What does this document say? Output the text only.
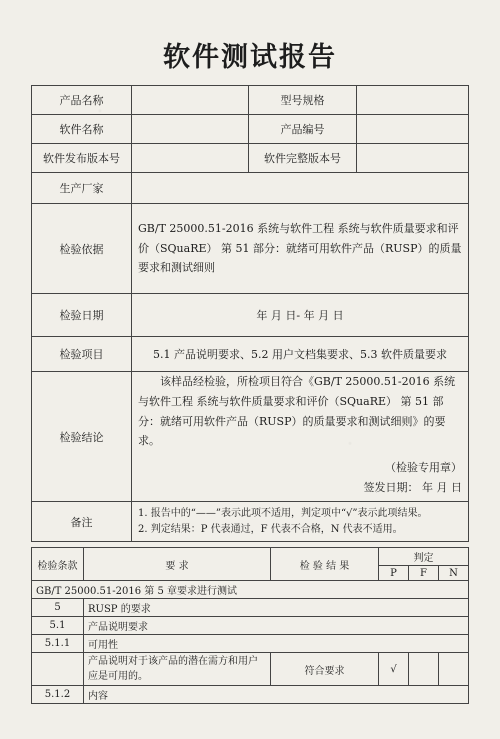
软件测试报告
产品名称		型号规格	
软件名称		产品编号	
软件发布版本号		软件完整版本号	
生产厂家			
检验依据	GB/T 25000.51-2016 系统与软件工程 系统与软件质量要求和评价（SQuaRE） 第 51 部分：就绪可用软件产品（RUSP）的质量要求和测试细则		
检验日期	年 月 日- 年 月 日		
检验项目	5.1 产品说明要求、5.2 用户文档集要求、5.3 软件质量要求		
检验结论	该样品经检验，所检项目符合《GB/T 25000.51-2016 系统与软件工程 系统与软件质量要求和评价（SQuaRE） 第 51 部分：就绪可用软件产品（RUSP）的质量要求和测试细则》的要求。
（检验专用章）
签发日期： 年 月 日		

备注	1. 报告中的“——”表示此项不适用，判定项中“√”表示此项结果。
2. 判定结果：P 代表通过，F 代表不合格，N 代表不适用。		
检验条款	要 求	检 验 结 果	判定		
			P	F	N
GB/T 25000.51-2016 第 5 章要求进行测试					
5	RUSP 的要求				
5.1	产品说明要求				
5.1.1	可用性				
	产品说明对于该产品的潜在需方和用户应是可用的。	符合要求	√		
5.1.2	内容				
